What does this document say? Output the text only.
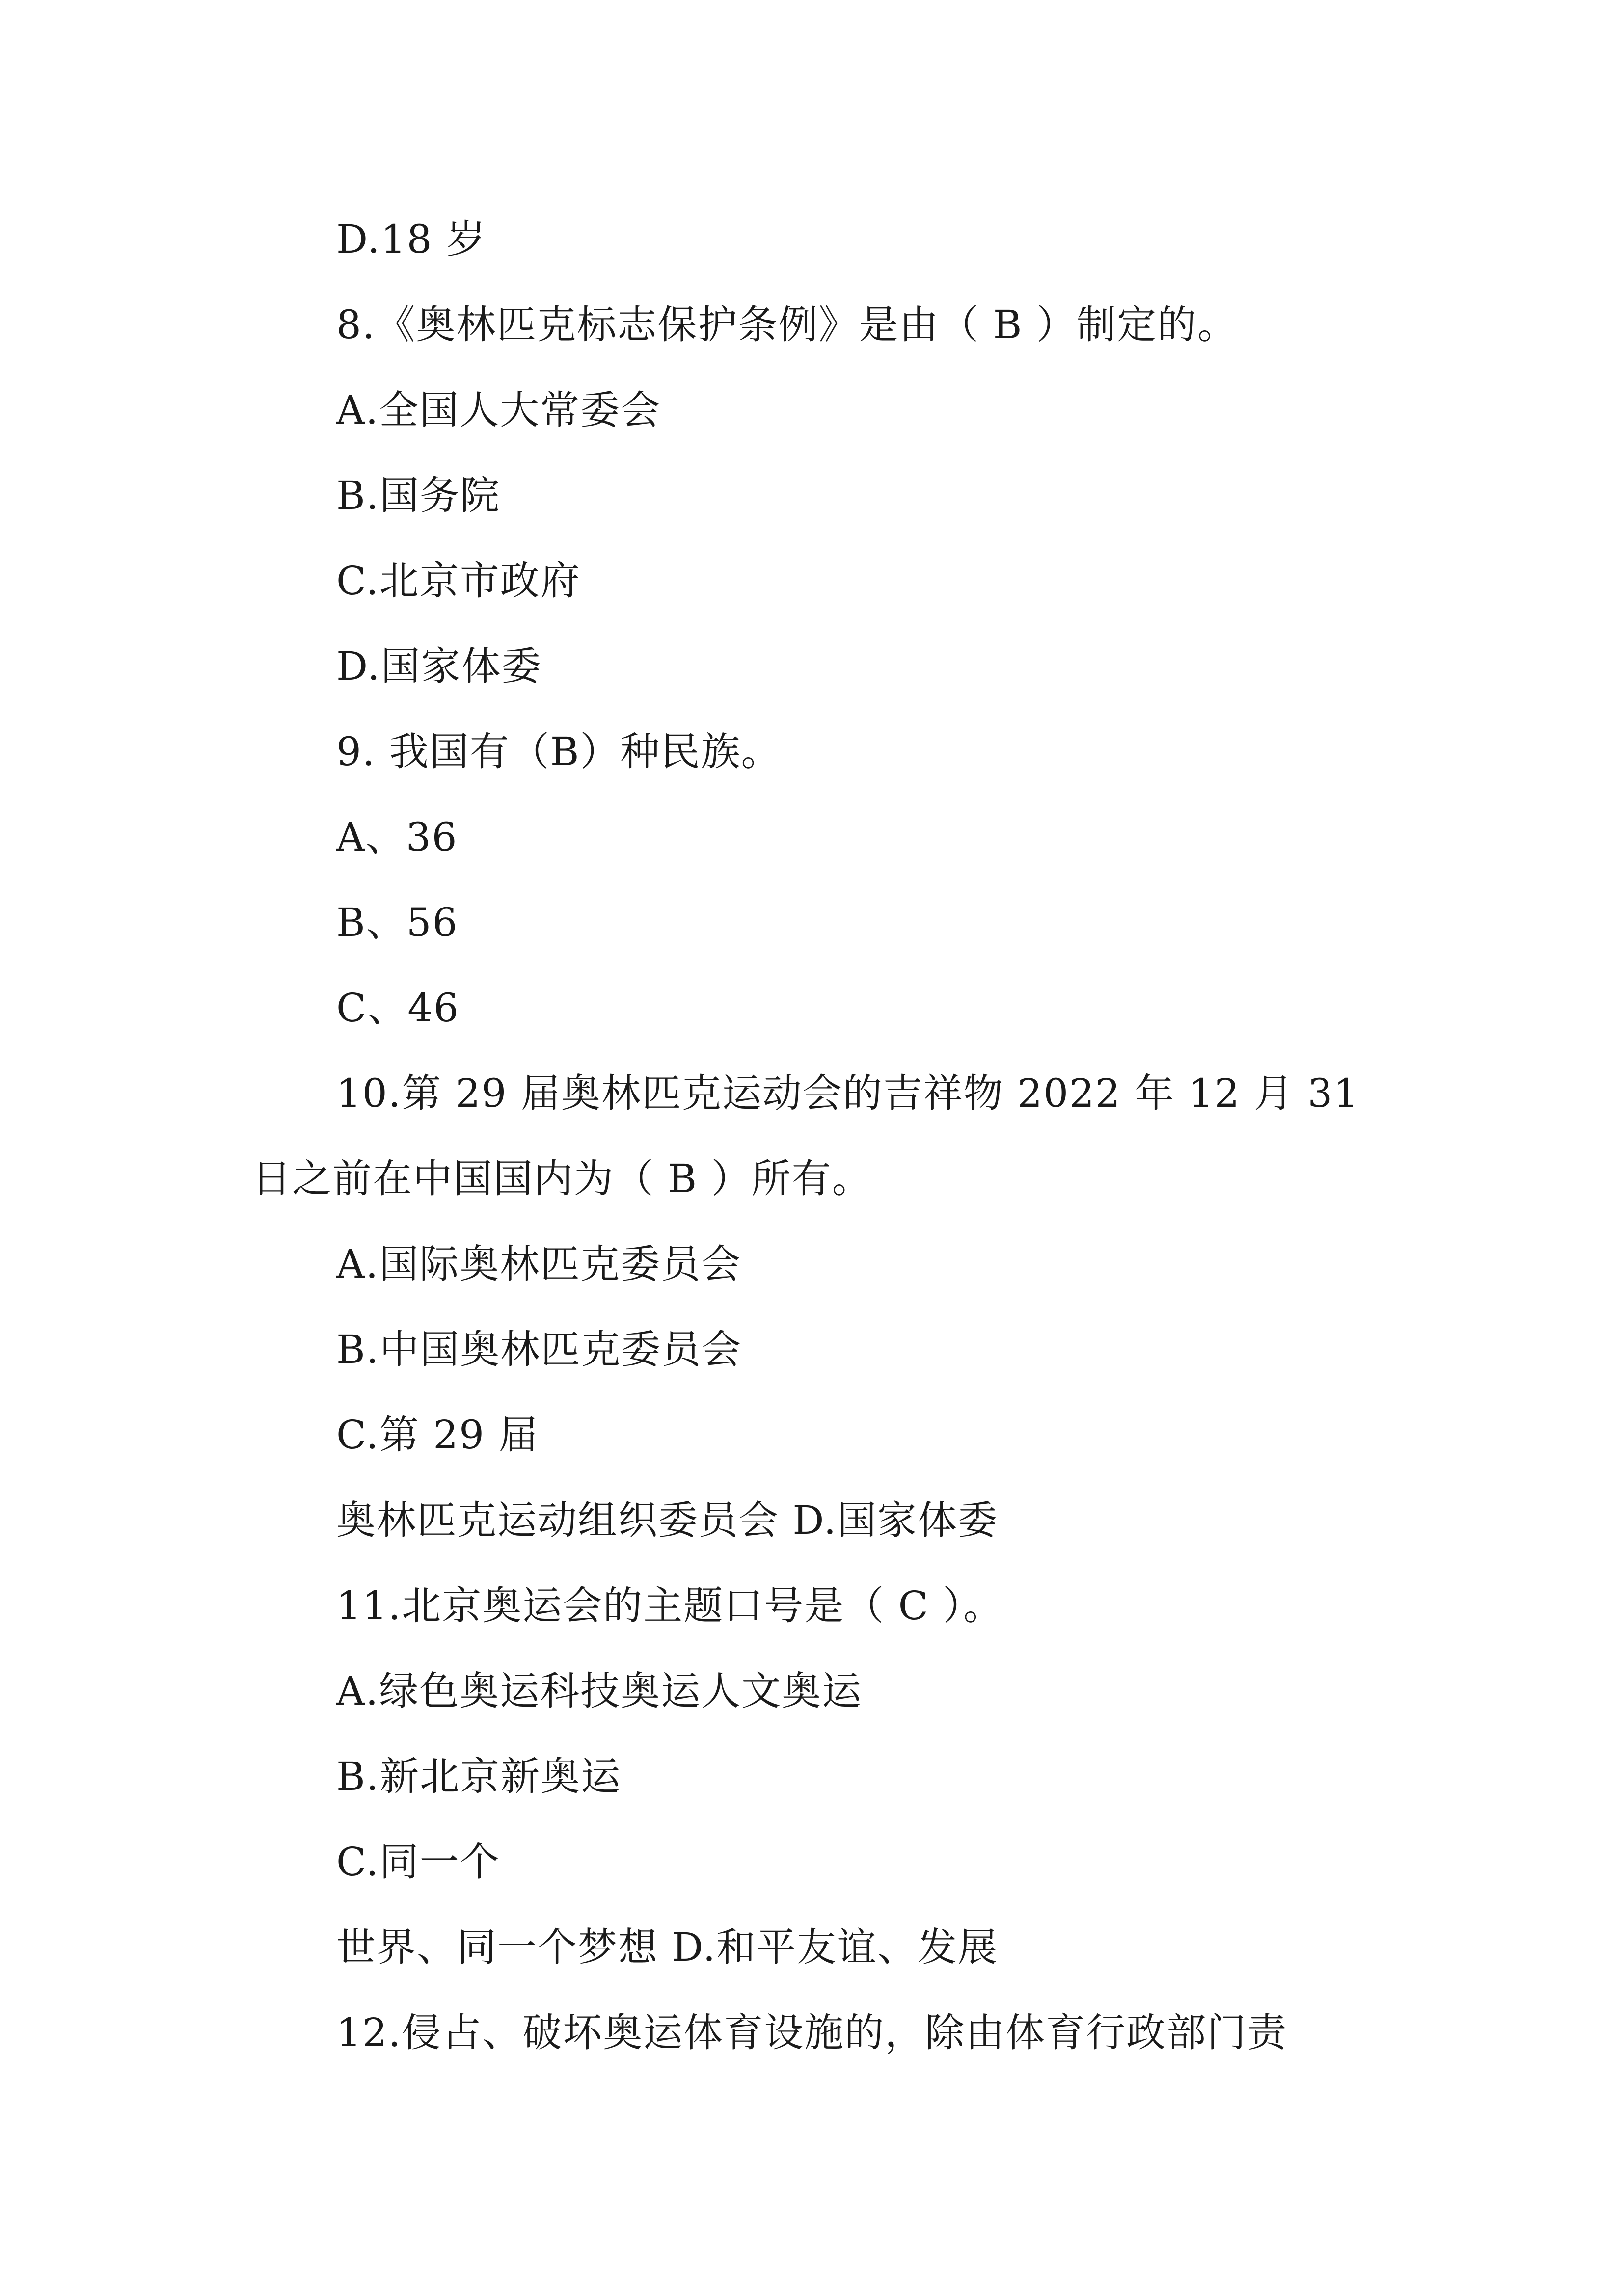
D.18 岁
8.《奥林匹克标志保护条例》是由（ B ）制定的。
A.全国人大常委会
B.国务院
C.北京市政府
D.国家体委
9. 我国有（B）种民族。
A、36
B、56
C、46
10.第 29 届奥林匹克运动会的吉祥物 2022 年 12 月 31
日之前在中国国内为（ B ）所有。
A.国际奥林匹克委员会
B.中国奥林匹克委员会
C.第 29 届
奥林匹克运动组织委员会 D.国家体委
11.北京奥运会的主题口号是（ C ）。
A.绿色奥运科技奥运人文奥运
B.新北京新奥运
C.同一个
世界、同一个梦想 D.和平友谊、发展
12.侵占、破坏奥运体育设施的，除由体育行政部门责
